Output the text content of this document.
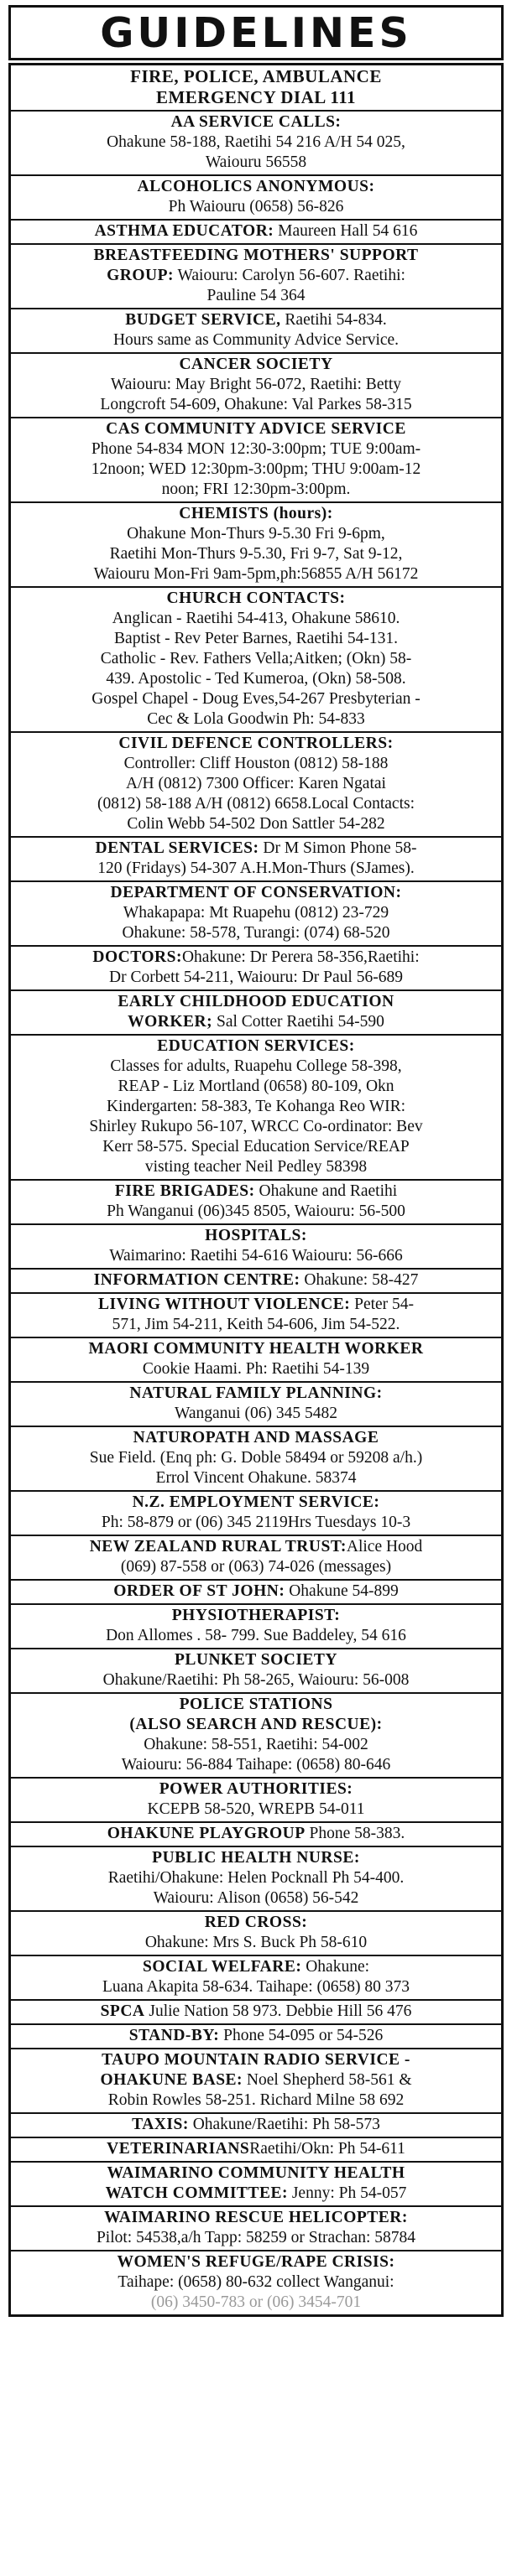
GUIDELINES
FIRE, POLICE, AMBULANCE
EMERGENCY DIAL 111
AA SERVICE CALLS:
Ohakune 58-188, Raetihi 54 216 A/H 54 025,
Waiouru 56558
ALCOHOLICS ANONYMOUS:
Ph Waiouru (0658) 56-826
ASTHMA EDUCATOR: Maureen Hall 54 616
BREASTFEEDING MOTHERS' SUPPORT
GROUP: Waiouru: Carolyn 56-607. Raetihi:
Pauline 54 364
BUDGET SERVICE, Raetihi 54-834.
Hours same as Community Advice Service.
CANCER SOCIETY
Waiouru: May Bright 56-072, Raetihi: Betty
Longcroft 54-609, Ohakune: Val Parkes 58-315
CAS COMMUNITY ADVICE SERVICE
Phone 54-834 MON 12:30-3:00pm; TUE 9:00am-
12noon; WED 12:30pm-3:00pm; THU 9:00am-12
noon; FRI 12:30pm-3:00pm.
CHEMISTS (hours):
Ohakune Mon-Thurs 9-5.30 Fri 9-6pm,
Raetihi Mon-Thurs 9-5.30, Fri 9-7, Sat 9-12,
Waiouru Mon-Fri 9am-5pm,ph:56855 A/H 56172
CHURCH CONTACTS:
Anglican - Raetihi 54-413, Ohakune 58610.
Baptist - Rev Peter Barnes, Raetihi 54-131.
Catholic - Rev. Fathers Vella;Aitken; (Okn) 58-
439. Apostolic - Ted Kumeroa, (Okn) 58-508.
Gospel Chapel - Doug Eves,54-267 Presbyterian -
Cec & Lola Goodwin Ph: 54-833
CIVIL DEFENCE CONTROLLERS:
Controller: Cliff Houston (0812) 58-188
A/H (0812) 7300 Officer: Karen Ngatai
(0812) 58-188 A/H (0812) 6658.Local Contacts:
Colin Webb 54-502 Don Sattler 54-282
DENTAL SERVICES: Dr M Simon Phone 58-
120 (Fridays) 54-307 A.H.Mon-Thurs (SJames).
DEPARTMENT OF CONSERVATION:
Whakapapa: Mt Ruapehu (0812) 23-729
Ohakune: 58-578, Turangi: (074) 68-520
DOCTORS:Ohakune: Dr Perera 58-356,Raetihi:
Dr Corbett 54-211, Waiouru: Dr Paul 56-689
EARLY CHILDHOOD EDUCATION
WORKER; Sal Cotter Raetihi 54-590
EDUCATION SERVICES:
Classes for adults, Ruapehu College 58-398,
REAP - Liz Mortland (0658) 80-109, Okn
Kindergarten: 58-383, Te Kohanga Reo WIR:
Shirley Rukupo 56-107, WRCC Co-ordinator: Bev
Kerr 58-575. Special Education Service/REAP
visting teacher Neil Pedley 58398
FIRE BRIGADES: Ohakune and Raetihi
Ph Wanganui (06)345 8505, Waiouru: 56-500
HOSPITALS:
Waimarino: Raetihi 54-616 Waiouru: 56-666
INFORMATION CENTRE: Ohakune: 58-427
LIVING WITHOUT VIOLENCE: Peter 54-
571, Jim 54-211, Keith 54-606, Jim 54-522.
MAORI COMMUNITY HEALTH WORKER
Cookie Haami. Ph: Raetihi 54-139
NATURAL FAMILY PLANNING:
Wanganui (06) 345 5482
NATUROPATH AND MASSAGE
Sue Field. (Enq ph: G. Doble 58494 or 59208 a/h.)
Errol Vincent Ohakune. 58374
N.Z. EMPLOYMENT SERVICE:
Ph: 58-879 or (06) 345 2119Hrs Tuesdays 10-3
NEW ZEALAND RURAL TRUST:Alice Hood
(069) 87-558 or (063) 74-026 (messages)
ORDER OF ST JOHN: Ohakune 54-899
PHYSIOTHERAPIST:
Don Allomes . 58- 799. Sue Baddeley, 54 616
PLUNKET SOCIETY
Ohakune/Raetihi: Ph 58-265, Waiouru: 56-008
POLICE STATIONS
(ALSO SEARCH AND RESCUE):
Ohakune: 58-551, Raetihi: 54-002
Waiouru: 56-884 Taihape: (0658) 80-646
POWER AUTHORITIES:
KCEPB 58-520, WREPB 54-011
OHAKUNE PLAYGROUP Phone 58-383.
PUBLIC HEALTH NURSE:
Raetihi/Ohakune: Helen Pocknall Ph 54-400.
Waiouru: Alison (0658) 56-542
RED CROSS:
Ohakune: Mrs S. Buck Ph 58-610
SOCIAL WELFARE: Ohakune:
Luana Akapita 58-634. Taihape: (0658) 80 373
SPCA Julie Nation 58 973. Debbie Hill 56 476
STAND-BY: Phone 54-095 or 54-526
TAUPO MOUNTAIN RADIO SERVICE -
OHAKUNE BASE: Noel Shepherd 58-561 &
Robin Rowles 58-251. Richard Milne 58 692
TAXIS: Ohakune/Raetihi: Ph 58-573
VETERINARIANSRaetihi/Okn: Ph 54-611
WAIMARINO COMMUNITY HEALTH
WATCH COMMITTEE: Jenny: Ph 54-057
WAIMARINO RESCUE HELICOPTER:
Pilot: 54538,a/h Tapp: 58259 or Strachan: 58784
WOMEN'S REFUGE/RAPE CRISIS:
Taihape: (0658) 80-632 collect Wanganui:
(06) 3450-783 or (06) 3454-701
